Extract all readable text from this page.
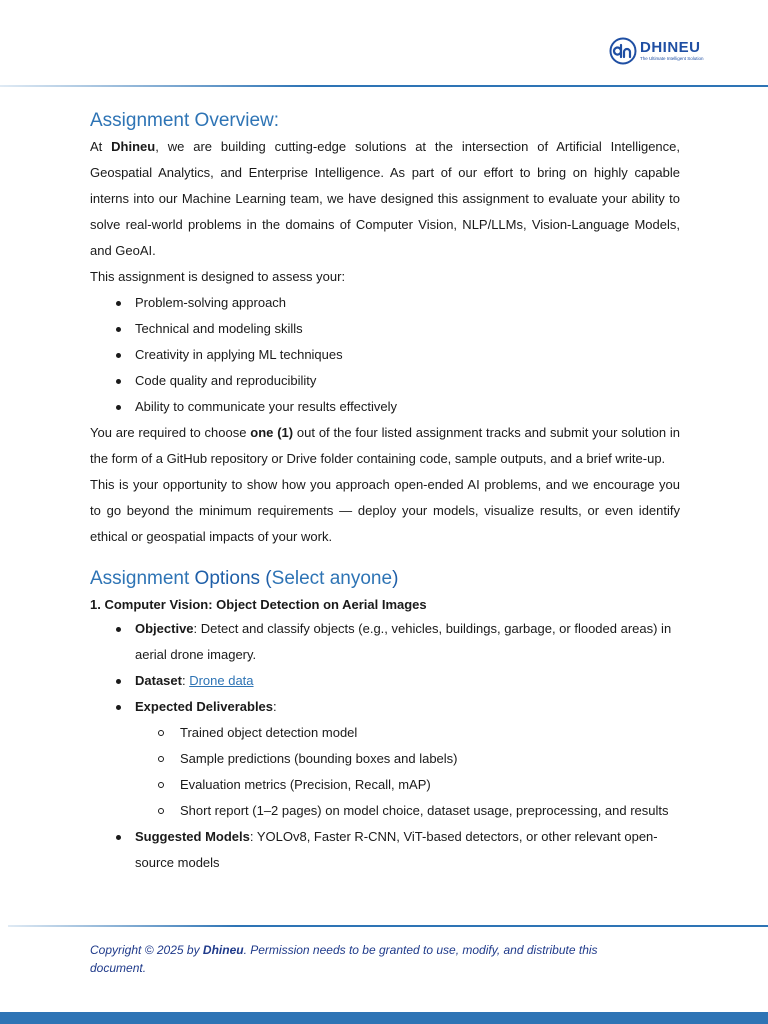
DHINEU
The Ultimate Intelligent Solution
Assignment Overview:

At Dhineu, we are building cutting-edge solutions at the intersection of Artificial Intelligence, Geospatial Analytics, and Enterprise Intelligence. As part of our effort to bring on highly capable interns into our Machine Learning team, we have designed this assignment to evaluate your ability to solve real-world problems in the domains of Computer Vision, NLP/LLMs, Vision-Language Models, and GeoAI.

This assignment is designed to assess your:

Problem-solving approach
Technical and modeling skills
Creativity in applying ML techniques
Code quality and reproducibility
Ability to communicate your results effectively

You are required to choose one (1) out of the four listed assignment tracks and submit your solution in the form of a GitHub repository or Drive folder containing code, sample outputs, and a brief write-up.

This is your opportunity to show how you approach open-ended AI problems, and we encourage you to go beyond the minimum requirements — deploy your models, visualize results, or even identify ethical or geospatial impacts of your work.

Assignment Options (Select anyone)
1. Computer Vision: Object Detection on Aerial Images
Objective: Detect and classify objects (e.g., vehicles, buildings, garbage, or flooded areas) in aerial drone imagery.
Dataset: Drone data
Expected Deliverables:
Trained object detection model
Sample predictions (bounding boxes and labels)
Evaluation metrics (Precision, Recall, mAP)
Short report (1–2 pages) on model choice, dataset usage, preprocessing, and results
Suggested Models: YOLOv8, Faster R-CNN, ViT-based detectors, or other relevant open-source models
Copyright © 2025 by Dhineu. Permission needs to be granted to use, modify, and distribute this document.
